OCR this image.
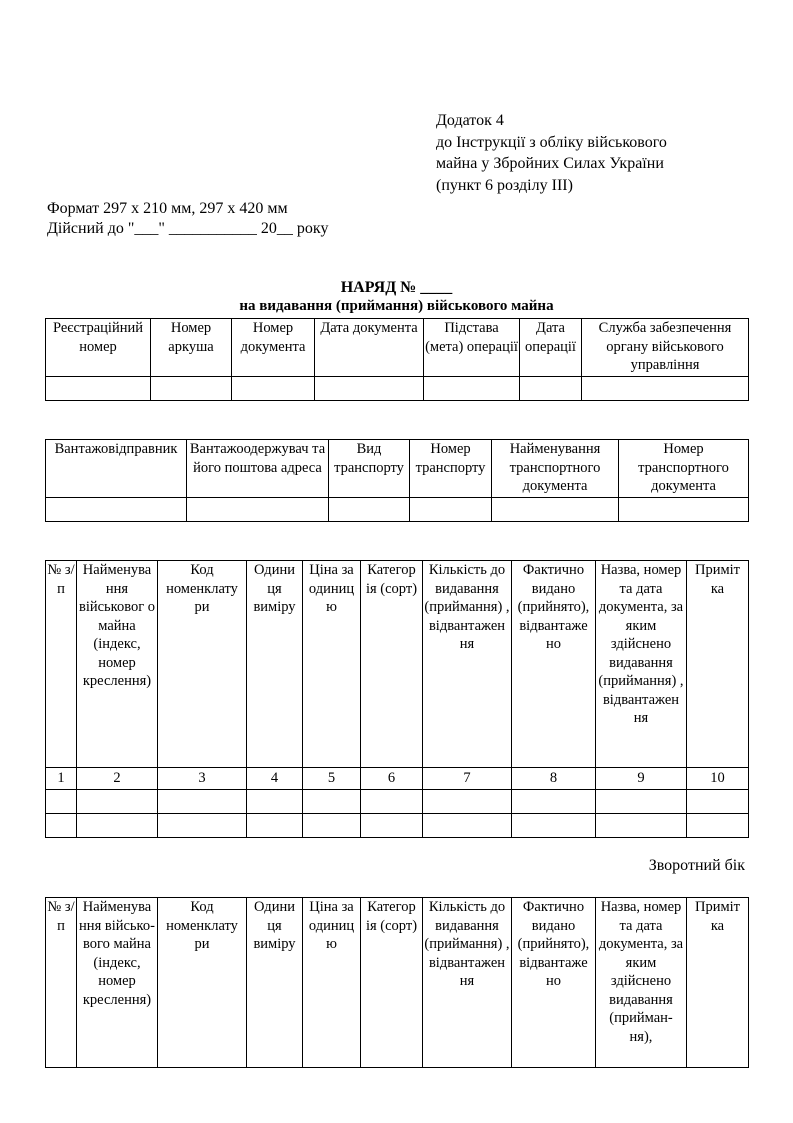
Додаток 4
до Інструкції з обліку військового
майна у Збройних Силах України
(пункт 6 розділу III)
Формат 297 х 210 мм, 297 х 420 мм
Дійсний до "___" ___________ 20__ року
НАРЯД № ____
на видавання (приймання) військового майна
Реєстраційний номер	Номер аркуша	Номер документа	Дата документа	Підстава (мета) операції	Дата операції	Служба забезпечення органу військового управління

Вантажовідправник	Вантажоодержувач та його поштова адреса	Вид транспорту	Номер транспорту	Найменування транспортного документа	Номер транспортного документа

№ з/п	Найменува ння військовог о майна (індекс, номер креслення)	Код номенклату ри	Одини ця виміру	Ціна за одиниц ю	Категор ія (сорт)	Кількість до видавання (приймання) , відвантажен ня	Фактично видано (прийнято), відвантаже но	Назва, номер та дата документа, за яким здійснено видавання (приймання) , відвантажен ня	Приміт ка
1	2	3	4	5	6	7	8	9	10

Зворотний бік
№ з/п	Найменува ння військо- вого майна (індекс, номер креслення)	Код номенклату ри	Одини ця виміру	Ціна за одиниц ю	Категор ія (сорт)	Кількість до видавання (приймання) , відвантажен ня	Фактично видано (прийнято), відвантаже но	Назва, номер та дата документа, за яким здійснено видавання (прийман- ня),	Приміт ка
